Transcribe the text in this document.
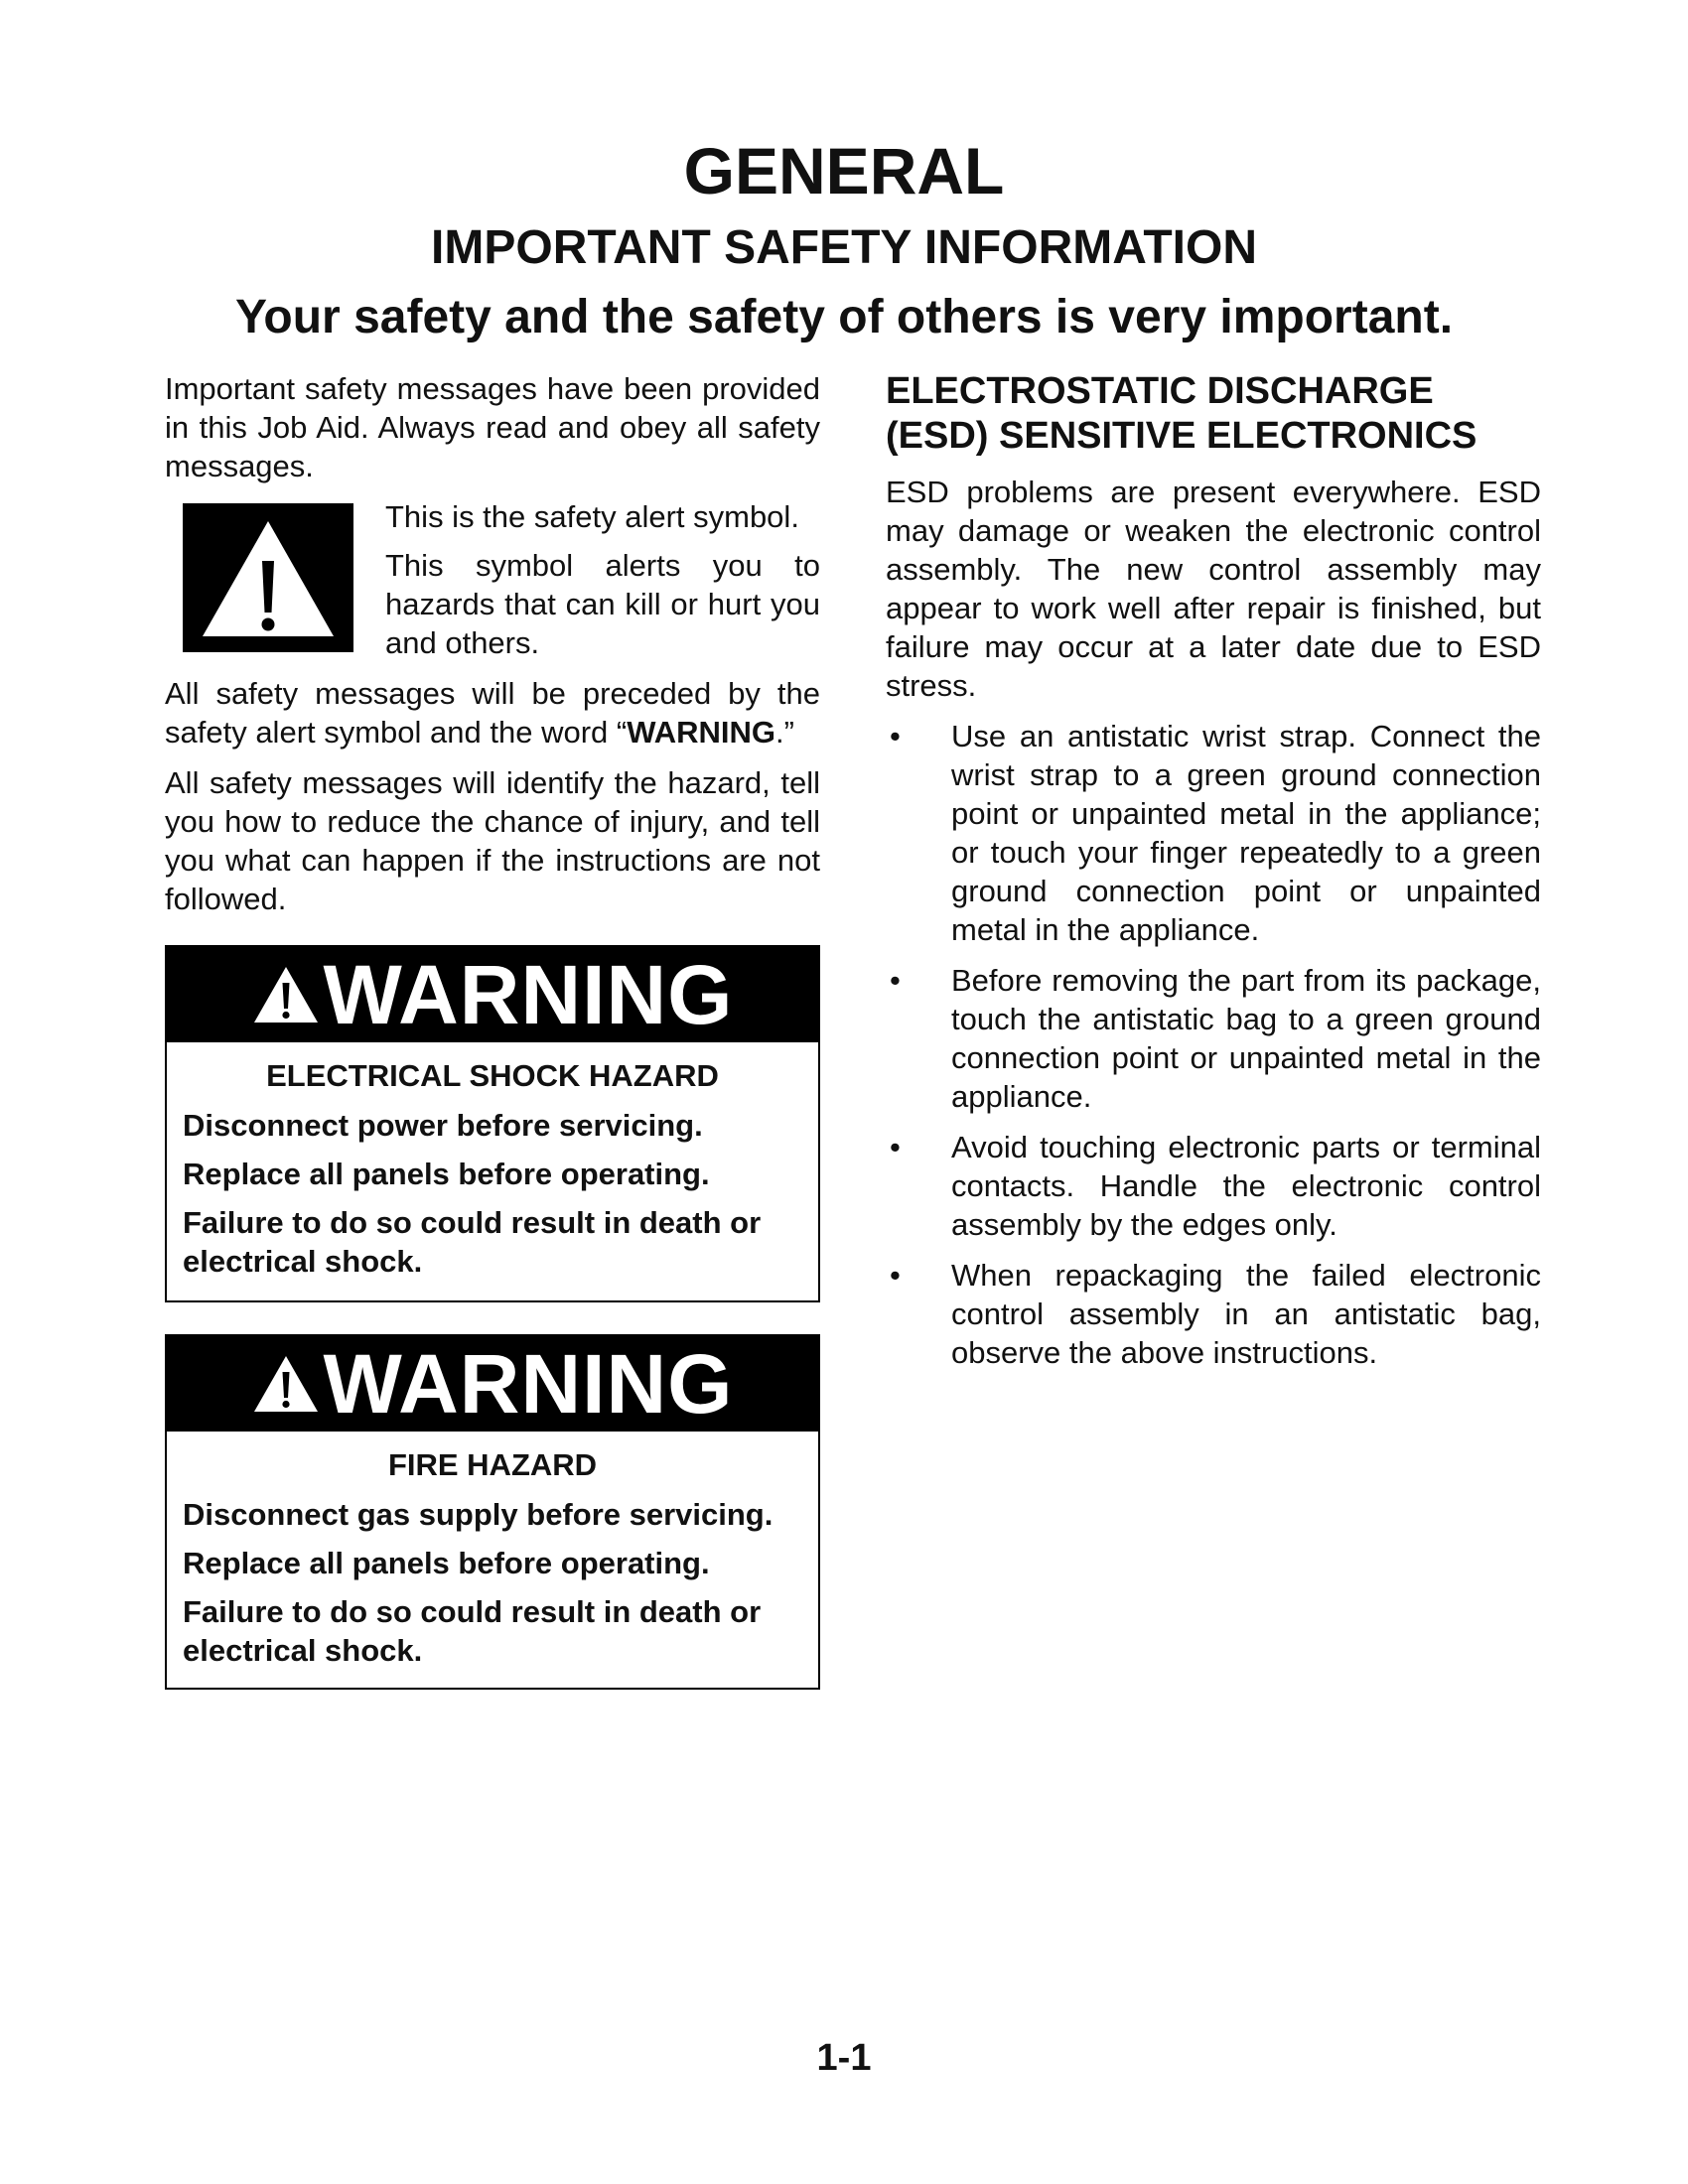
GENERAL
IMPORTANT SAFETY INFORMATION
Your safety and the safety of others is very important.

Important safety messages have been provided in this Job Aid. Always read and obey all safety messages.

This is the safety alert symbol.

This symbol alerts you to hazards that can kill or hurt you and others.

All safety messages will be preceded by the safety alert symbol and the word “WARNING.”

All safety messages will identify the hazard, tell you how to reduce the chance of injury, and tell you what can happen if the instructions are not followed.

WARNING

ELECTRICAL SHOCK HAZARD

Disconnect power before servicing.

Replace all panels before operating.

Failure to do so could result in death or electrical shock.

WARNING

FIRE HAZARD

Disconnect gas supply before servicing.

Replace all panels before operating.

Failure to do so could result in death or electrical shock.

ELECTROSTATIC DISCHARGE
(ESD) SENSITIVE ELECTRONICS

ESD problems are present everywhere. ESD may damage or weaken the electronic control assembly. The new control assembly may appear to work well after repair is finished, but failure may occur at a later date due to ESD stress.

• Use an antistatic wrist strap. Connect the wrist strap to a green ground connection point or unpainted metal in the appliance; or touch your finger repeatedly to a green ground connection point or unpainted metal in the appliance.
• Before removing the part from its package, touch the antistatic bag to a green ground connection point or unpainted metal in the appliance.
• Avoid touching electronic parts or terminal contacts. Handle the electronic control assembly by the edges only.
• When repackaging the failed electronic control assembly in an antistatic bag, observe the above instructions.
1-1
